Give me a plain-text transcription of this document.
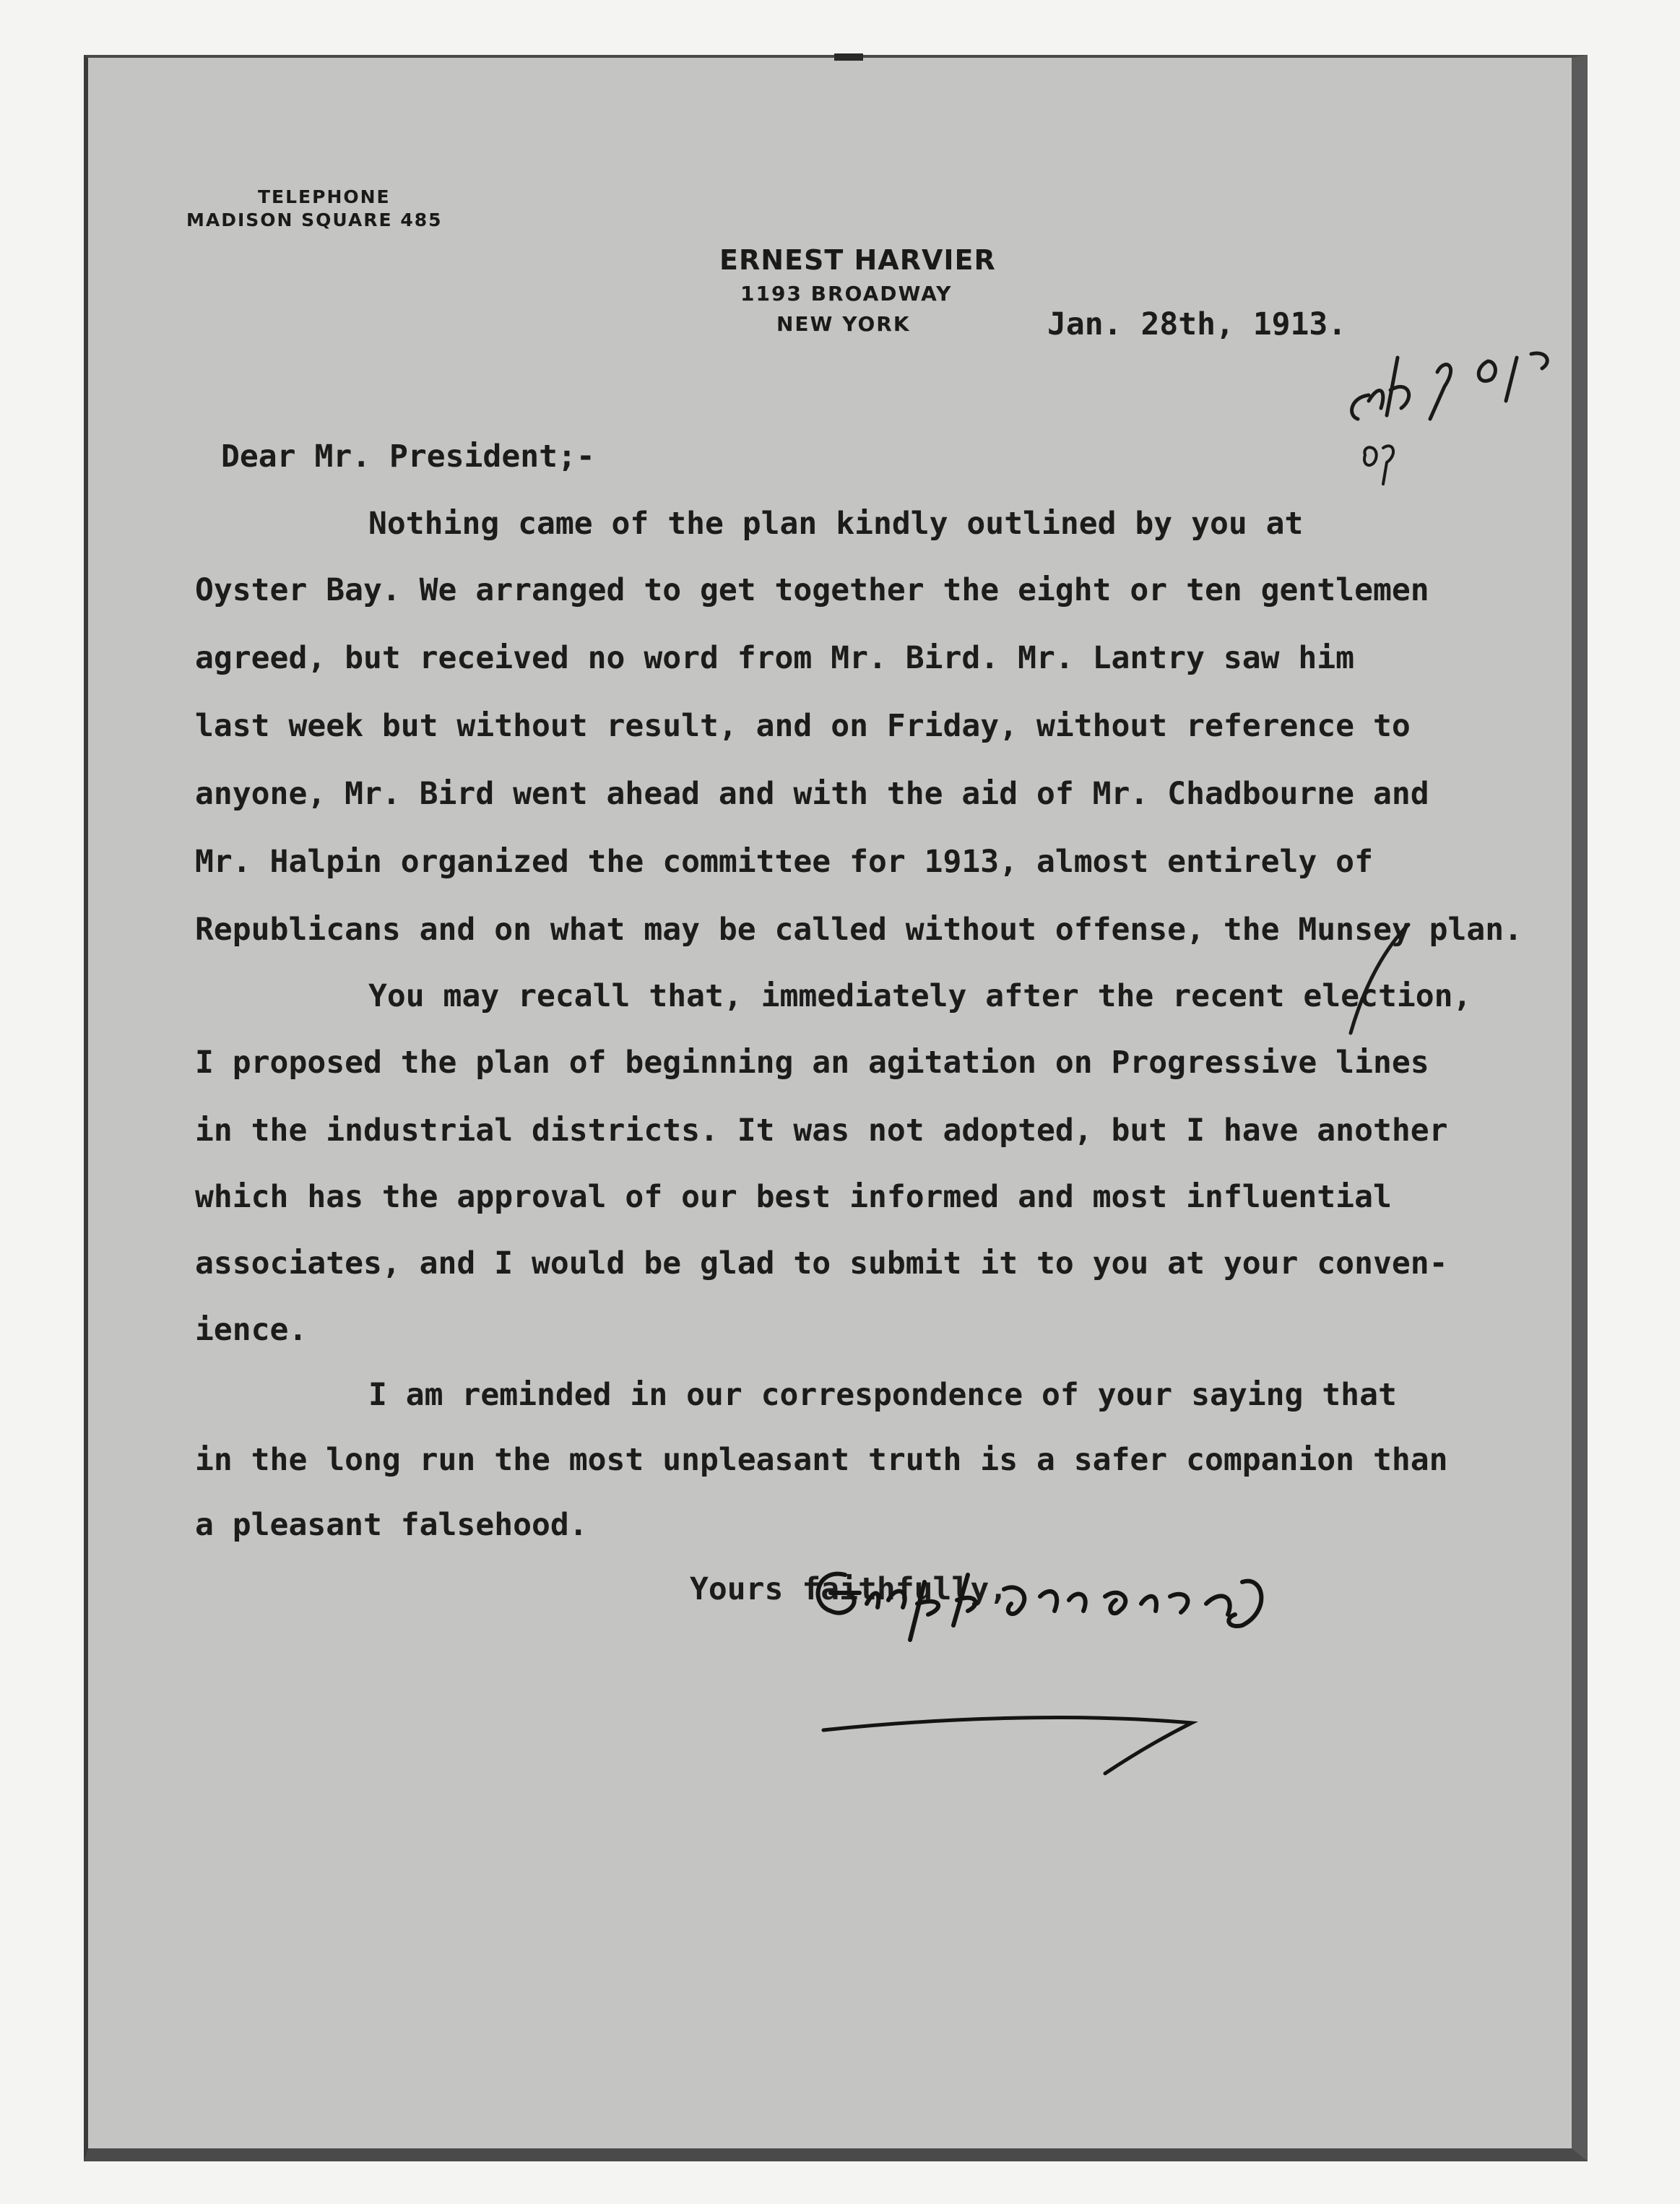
TELEPHONE
MADISON SQUARE 485
ERNEST HARVIER
1193 BROADWAY
NEW YORK	Jan. 28th, 1913.
Dear Mr. President;-
Nothing came of the plan kindly outlined by you at
Oyster Bay. We arranged to get together the eight or ten gentlemen
agreed, but received no word from Mr. Bird. Mr. Lantry saw him
last week but without result, and on Friday, without reference to
anyone, Mr. Bird went ahead and with the aid of Mr. Chadbourne and
Mr. Halpin organized the committee for 1913, almost entirely of
Republicans and on what may be called without offense, the Munsey plan.
You may recall that, immediately after the recent election,
I proposed the plan of beginning an agitation on Progressive lines
in the industrial districts. It was not adopted, but I have another
which has the approval of our best informed and most influential
associates, and I would be glad to submit it to you at your conven-
ience.
I am reminded in our correspondence of your saying that
in the long run the most unpleasant truth is a safer companion than
a pleasant falsehood.
Yours faithfully,
